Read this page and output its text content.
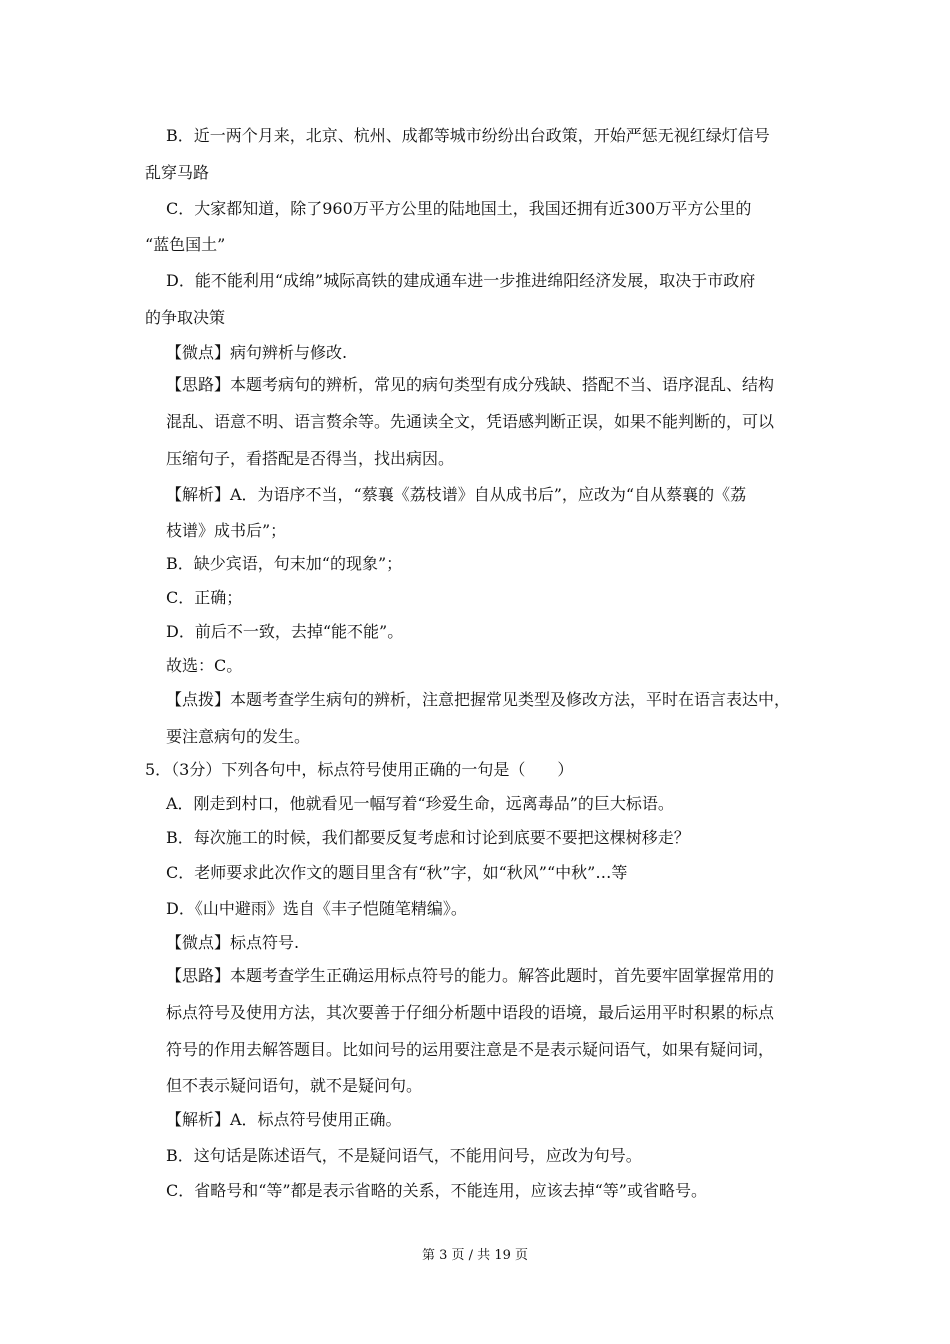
B．近一两个月来，北京、杭州、成都等城市纷纷出台政策，开始严惩无视红绿灯信号
乱穿马路
C．大家都知道，除了960万平方公里的陆地国土，我国还拥有近300万平方公里的
“蓝色国土”
D．能不能利用“成绵”城际高铁的建成通车进一步推进绵阳经济发展，取决于市政府
的争取决策
【微点】病句辨析与修改.
【思路】本题考病句的辨析，常见的病句类型有成分残缺、搭配不当、语序混乱、结构
混乱、语意不明、语言赘余等。先通读全文，凭语感判断正误，如果不能判断的，可以
压缩句子，看搭配是否得当，找出病因。
【解析】A．为语序不当，“蔡襄《荔枝谱》自从成书后”，应改为“自从蔡襄的《荔
枝谱》成书后”；
B．缺少宾语，句末加“的现象”；
C．正确；
D．前后不一致，去掉“能不能”。
故选：C。
【点拨】本题考查学生病句的辨析，注意把握常见类型及修改方法，平时在语言表达中，
要注意病句的发生。
5．（3分）下列各句中，标点符号使用正确的一句是（　　）
A．刚走到村口，他就看见一幅写着“珍爱生命，远离毒品”的巨大标语。
B．每次施工的时候，我们都要反复考虑和讨论到底要不要把这棵树移走？
C．老师要求此次作文的题目里含有“秋”字，如“秋风”“中秋”…等
D．《山中避雨》选自《丰子恺随笔精编》。
【微点】标点符号.
【思路】本题考查学生正确运用标点符号的能力。解答此题时，首先要牢固掌握常用的
标点符号及使用方法，其次要善于仔细分析题中语段的语境，最后运用平时积累的标点
符号的作用去解答题目。比如问号的运用要注意是不是表示疑问语气，如果有疑问词，
但不表示疑问语句，就不是疑问句。
【解析】A．标点符号使用正确。
B．这句话是陈述语气，不是疑问语气，不能用问号，应改为句号。
C．省略号和“等”都是表示省略的关系，不能连用，应该去掉“等”或省略号。
第 3 页 / 共 19 页
